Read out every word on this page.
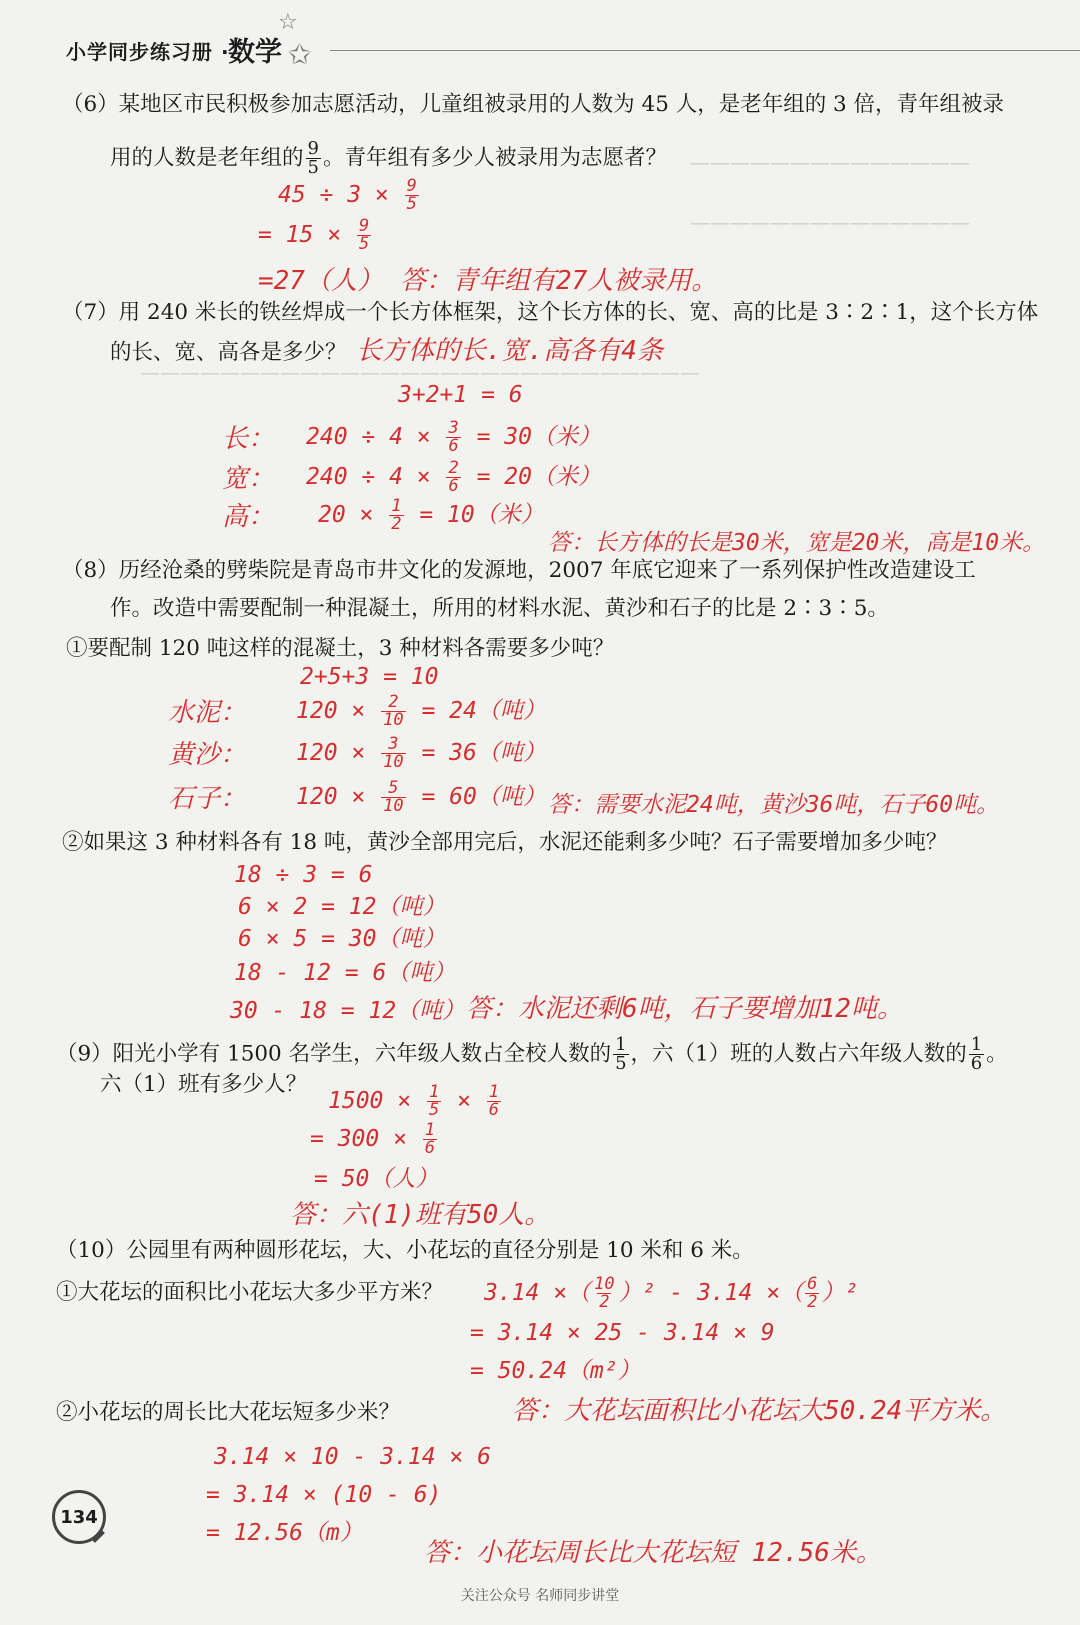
☆
小学同步练习册 ·
数学 ✩
——————————————
——————————————
————————————————————————————
（6）某地区市民积极参加志愿活动，儿童组被录用的人数为 45 人，是老年组的 3 倍，青年组被录
用的人数是老年组的 $\frac{9}{5}$ 。青年组有多少人被录用为志愿者？
$45 \div 3 \times \frac{9}{5}$
= $15 \times \frac{9}{5}$
=27（人） 答：青年组有27人被录用。
（7）用 240 米长的铁丝焊成一个长方体框架，这个长方体的长、宽、高的比是 3∶2∶1，这个长方体
的长、宽、高各是多少？ 长方体的长.宽.高各有4条
3+2+1 = 6
长： $240 \div 4 \times \frac{3}{6} = 30$（米）
宽： $240 \div 4 \times \frac{2}{6} = 20$（米）
高： $20 \times \frac{1}{2} = 10$（米）
答：长方体的长是30米，宽是20米，高是10米。
（8）历经沧桑的劈柴院是青岛市井文化的发源地，2007 年底它迎来了一系列保护性改造建设工
作。改造中需要配制一种混凝土，所用的材料水泥、黄沙和石子的比是 2∶3∶5。
①要配制 120 吨这样的混凝土，3 种材料各需要多少吨？
2+5+3 = 10
水泥： $120 \times \frac{2}{10} = 24$（吨）
黄沙： $120 \times \frac{3}{10} = 36$（吨）
石子： $120 \times \frac{5}{10} = 60$（吨） 答：需要水泥24吨，黄沙36吨，石子60吨。
②如果这 3 种材料各有 18 吨，黄沙全部用完后，水泥还能剩多少吨？石子需要增加多少吨？
18 ÷ 3 = 6
6 × 2 = 12（吨）
6 × 5 = 30（吨）
18 - 12 = 6（吨）
30 - 18 = 12（吨） 答：水泥还剩6吨，石子要增加12吨。
（9）阳光小学有 1500 名学生，六年级人数占全校人数的 $\frac{1}{5}$ ，六（1）班的人数占六年级人数的 $\frac{1}{6}$ 。
六（1）班有多少人？
$1500 \times \frac{1}{5} \times \frac{1}{6}$
= $300 \times \frac{1}{6}$
= 50（人）
答：六(1)班有50人。
（10）公园里有两种圆形花坛，大、小花坛的直径分别是 10 米和 6 米。
①大花坛的面积比小花坛大多少平方米？ 3.14 ×（ $\frac{10}{2} )^2 - 3.14$ ×（ $\frac{6}{2} )^2$
= 3.14 × 25 - 3.14 × 9
= 50.24（m²）
②小花坛的周长比大花坛短多少米？	答：大花坛面积比小花坛大50.24平方米。
3.14 × 10 - 3.14 × 6
= 3.14 × (10 - 6)
= 12.56（m）
答：小花坛周长比大花坛短 12.56米。
134
关注公众号 名师同步讲堂
